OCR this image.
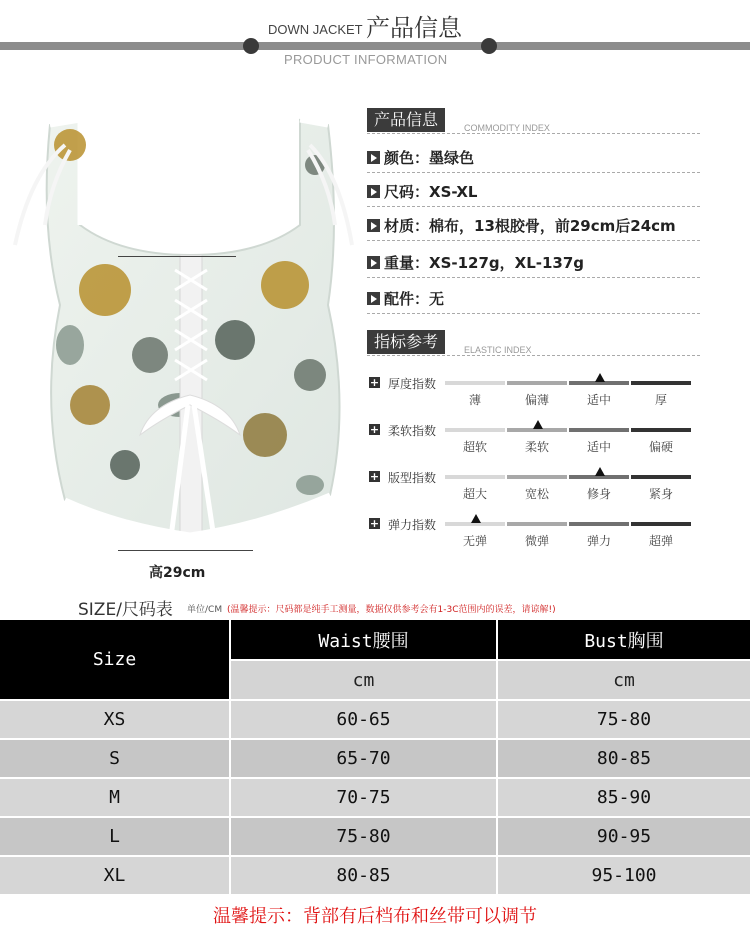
DOWN JACKET 产品信息
PRODUCT INFORMATION
高29cm
产品信息	COMMODITY INDEX
颜色：墨绿色
尺码：XS-XL
材质：棉布，13根胶骨，前29cm后24cm
重量：XS-127g，XL-137g
配件：无
指标参考	ELASTIC INDEX
+ 厚度指数
薄	偏薄	适中	厚
+ 柔软指数
超软	柔软	适中	偏硬
+ 版型指数
超大	宽松	修身	紧身
+ 弹力指数
无弹	微弹	弹力	超弹
SIZE/尺码表 单位/CM (温馨提示：尺码都是纯手工测量，数据仅供参考会有1-3C范围内的误差，请谅解!)
Size
Waist腰围	Bust胸围
cm	cm
XS	60-65	75-80
S	65-70	80-85
M	70-75	85-90
L	75-80	90-95
XL	80-85	95-100
温馨提示：背部有后档布和丝带可以调节
